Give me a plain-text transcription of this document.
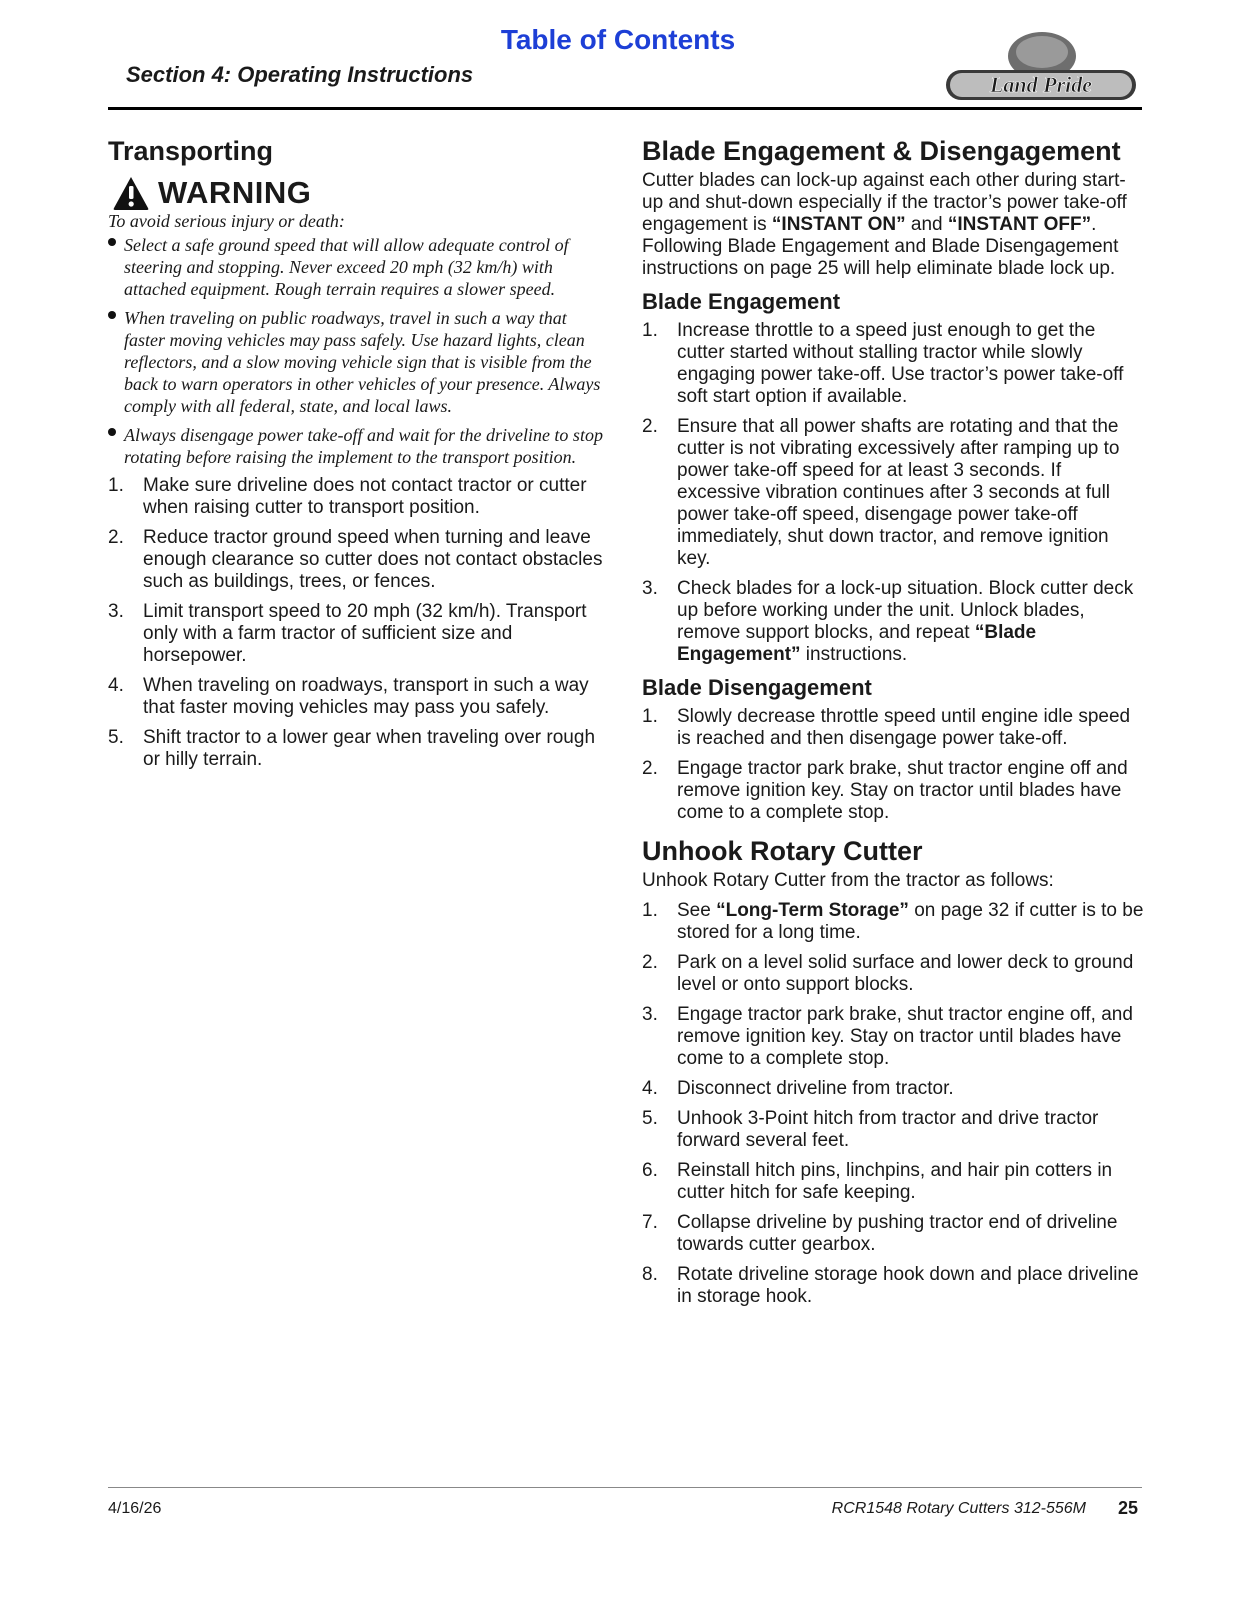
Table of Contents
Section 4: Operating Instructions	Land Pride
Transporting
WARNING

To avoid serious injury or death:

Select a safe ground speed that will allow adequate control of steering and stopping. Never exceed 20 mph (32 km/h) with attached equipment. Rough terrain requires a slower speed.
When traveling on public roadways, travel in such a way that faster moving vehicles may pass safely. Use hazard lights, clean reflectors, and a slow moving vehicle sign that is visible from the back to warn operators in other vehicles of your presence. Always comply with all federal, state, and local laws.
Always disengage power take-off and wait for the driveline to stop rotating before raising the implement to the transport position.
1.	Make sure driveline does not contact tractor or cutter when raising cutter to transport position.
2.	Reduce tractor ground speed when turning and leave enough clearance so cutter does not contact obstacles such as buildings, trees, or fences.
3.	Limit transport speed to 20 mph (32 km/h). Transport only with a farm tractor of sufficient size and horsepower.
4.	When traveling on roadways, transport in such a way that faster moving vehicles may pass you safely.
5.	Shift tractor to a lower gear when traveling over rough or hilly terrain.
Blade Engagement & Disengagement

Cutter blades can lock-up against each other during start-up and shut-down especially if the tractor’s power take-off engagement is “INSTANT ON” and “INSTANT OFF”. Following Blade Engagement and Blade Disengagement instructions on page 25 will help eliminate blade lock up.

Blade Engagement
1.	Increase throttle to a speed just enough to get the cutter started without stalling tractor while slowly engaging power take-off. Use tractor’s power take-off soft start option if available.
2.	Ensure that all power shafts are rotating and that the cutter is not vibrating excessively after ramping up to power take-off speed for at least 3 seconds. If excessive vibration continues after 3 seconds at full power take-off speed, disengage power take-off immediately, shut down tractor, and remove ignition key.
3.	Check blades for a lock-up situation. Block cutter deck up before working under the unit. Unlock blades, remove support blocks, and repeat “Blade Engagement” instructions.
Blade Disengagement
1.	Slowly decrease throttle speed until engine idle speed is reached and then disengage power take-off.
2.	Engage tractor park brake, shut tractor engine off and remove ignition key. Stay on tractor until blades have come to a complete stop.
Unhook Rotary Cutter

Unhook Rotary Cutter from the tractor as follows:

1.	See “Long-Term Storage” on page 32 if cutter is to be stored for a long time.
2.	Park on a level solid surface and lower deck to ground level or onto support blocks.
3.	Engage tractor park brake, shut tractor engine off, and remove ignition key. Stay on tractor until blades have come to a complete stop.
4.	Disconnect driveline from tractor.
5.	Unhook 3-Point hitch from tractor and drive tractor forward several feet.
6.	Reinstall hitch pins, linchpins, and hair pin cotters in cutter hitch for safe keeping.
7.	Collapse driveline by pushing tractor end of driveline towards cutter gearbox.
8.	Rotate driveline storage hook down and place driveline in storage hook.
4/16/26	RCR1548 Rotary Cutters 312-556M 25
